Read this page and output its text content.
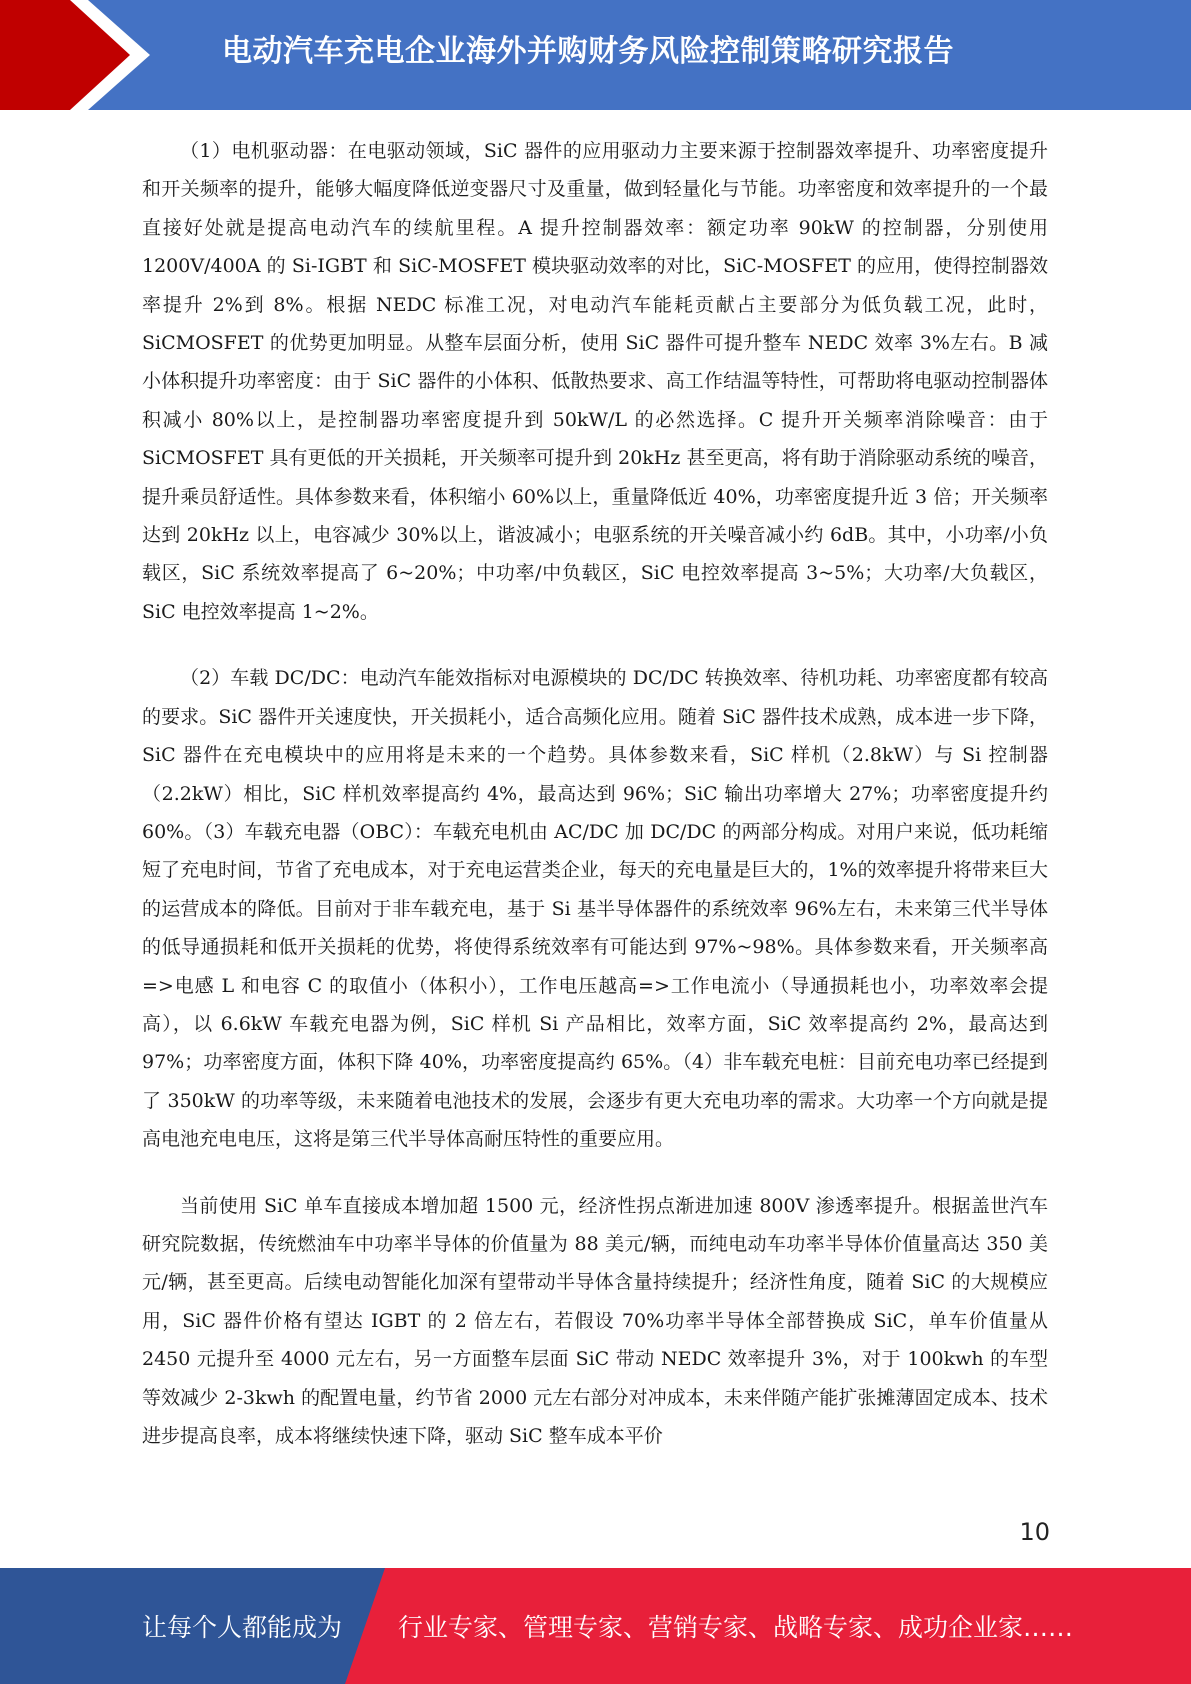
电动汽车充电企业海外并购财务风险控制策略研究报告

（1）电机驱动器：在电驱动领域，SiC 器件的应用驱动力主要来源于控制器效率提升、功率密度提升和开关频率的提升，能够大幅度降低逆变器尺寸及重量，做到轻量化与节能。功率密度和效率提升的一个最直接好处就是提高电动汽车的续航里程。A 提升控制器效率：额定功率 90kW 的控制器，分别使用 1200V/400A 的 Si-IGBT 和 SiC-MOSFET 模块驱动效率的对比，SiC-MOSFET 的应用，使得控制器效率提升 2%到 8%。根据 NEDC 标准工况，对电动汽车能耗贡献占主要部分为低负载工况，此时，SiCMOSFET 的优势更加明显。从整车层面分析，使用 SiC 器件可提升整车 NEDC 效率 3%左右。B 减小体积提升功率密度：由于 SiC 器件的小体积、低散热要求、高工作结温等特性，可帮助将电驱动控制器体积减小 80%以上，是控制器功率密度提升到 50kW/L 的必然选择。C 提升开关频率消除噪音：由于 SiCMOSFET 具有更低的开关损耗，开关频率可提升到 20kHz 甚至更高，将有助于消除驱动系统的噪音，提升乘员舒适性。具体参数来看，体积缩小 60%以上，重量降低近 40%，功率密度提升近 3 倍；开关频率达到 20kHz 以上，电容减少 30%以上，谐波减小；电驱系统的开关噪音减小约 6dB。其中，小功率/小负载区，SiC 系统效率提高了 6~20%；中功率/中负载区，SiC 电控效率提高 3~5%；大功率/大负载区，SiC 电控效率提高 1~2%。

（2）车载 DC/DC：电动汽车能效指标对电源模块的 DC/DC 转换效率、待机功耗、功率密度都有较高的要求。SiC 器件开关速度快，开关损耗小，适合高频化应用。随着 SiC 器件技术成熟，成本进一步下降，SiC 器件在充电模块中的应用将是未来的一个趋势。具体参数来看，SiC 样机（2.8kW）与 Si 控制器（2.2kW）相比，SiC 样机效率提高约 4%，最高达到 96%；SiC 输出功率增大 27%；功率密度提升约 60%。（3）车载充电器（OBC）：车载充电机由 AC/DC 加 DC/DC 的两部分构成。对用户来说，低功耗缩短了充电时间，节省了充电成本，对于充电运营类企业，每天的充电量是巨大的，1%的效率提升将带来巨大的运营成本的降低。目前对于非车载充电，基于 Si 基半导体器件的系统效率 96%左右，未来第三代半导体的低导通损耗和低开关损耗的优势，将使得系统效率有可能达到 97%~98%。具体参数来看，开关频率高=>电感 L 和电容 C 的取值小（体积小），工作电压越高=>工作电流小（导通损耗也小，功率效率会提高），以 6.6kW 车载充电器为例，SiC 样机 Si 产品相比，效率方面，SiC 效率提高约 2%，最高达到 97%；功率密度方面，体积下降 40%，功率密度提高约 65%。（4）非车载充电桩：目前充电功率已经提到了 350kW 的功率等级，未来随着电池技术的发展，会逐步有更大充电功率的需求。大功率一个方向就是提高电池充电电压，这将是第三代半导体高耐压特性的重要应用。

当前使用 SiC 单车直接成本增加超 1500 元，经济性拐点渐进加速 800V 渗透率提升。根据盖世汽车研究院数据，传统燃油车中功率半导体的价值量为 88 美元/辆，而纯电动车功率半导体价值量高达 350 美元/辆，甚至更高。后续电动智能化加深有望带动半导体含量持续提升；经济性角度，随着 SiC 的大规模应用，SiC 器件价格有望达 IGBT 的 2 倍左右，若假设 70%功率半导体全部替换成 SiC，单车价值量从 2450 元提升至 4000 元左右，另一方面整车层面 SiC 带动 NEDC 效率提升 3%，对于 100kwh 的车型等效减少 2-3kwh 的配置电量，约节省 2000 元左右部分对冲成本，未来伴随产能扩张摊薄固定成本、技术进步提高良率，成本将继续快速下降，驱动 SiC 整车成本平价

10
让每个人都能成为 行业专家、管理专家、营销专家、战略专家、成功企业家……
